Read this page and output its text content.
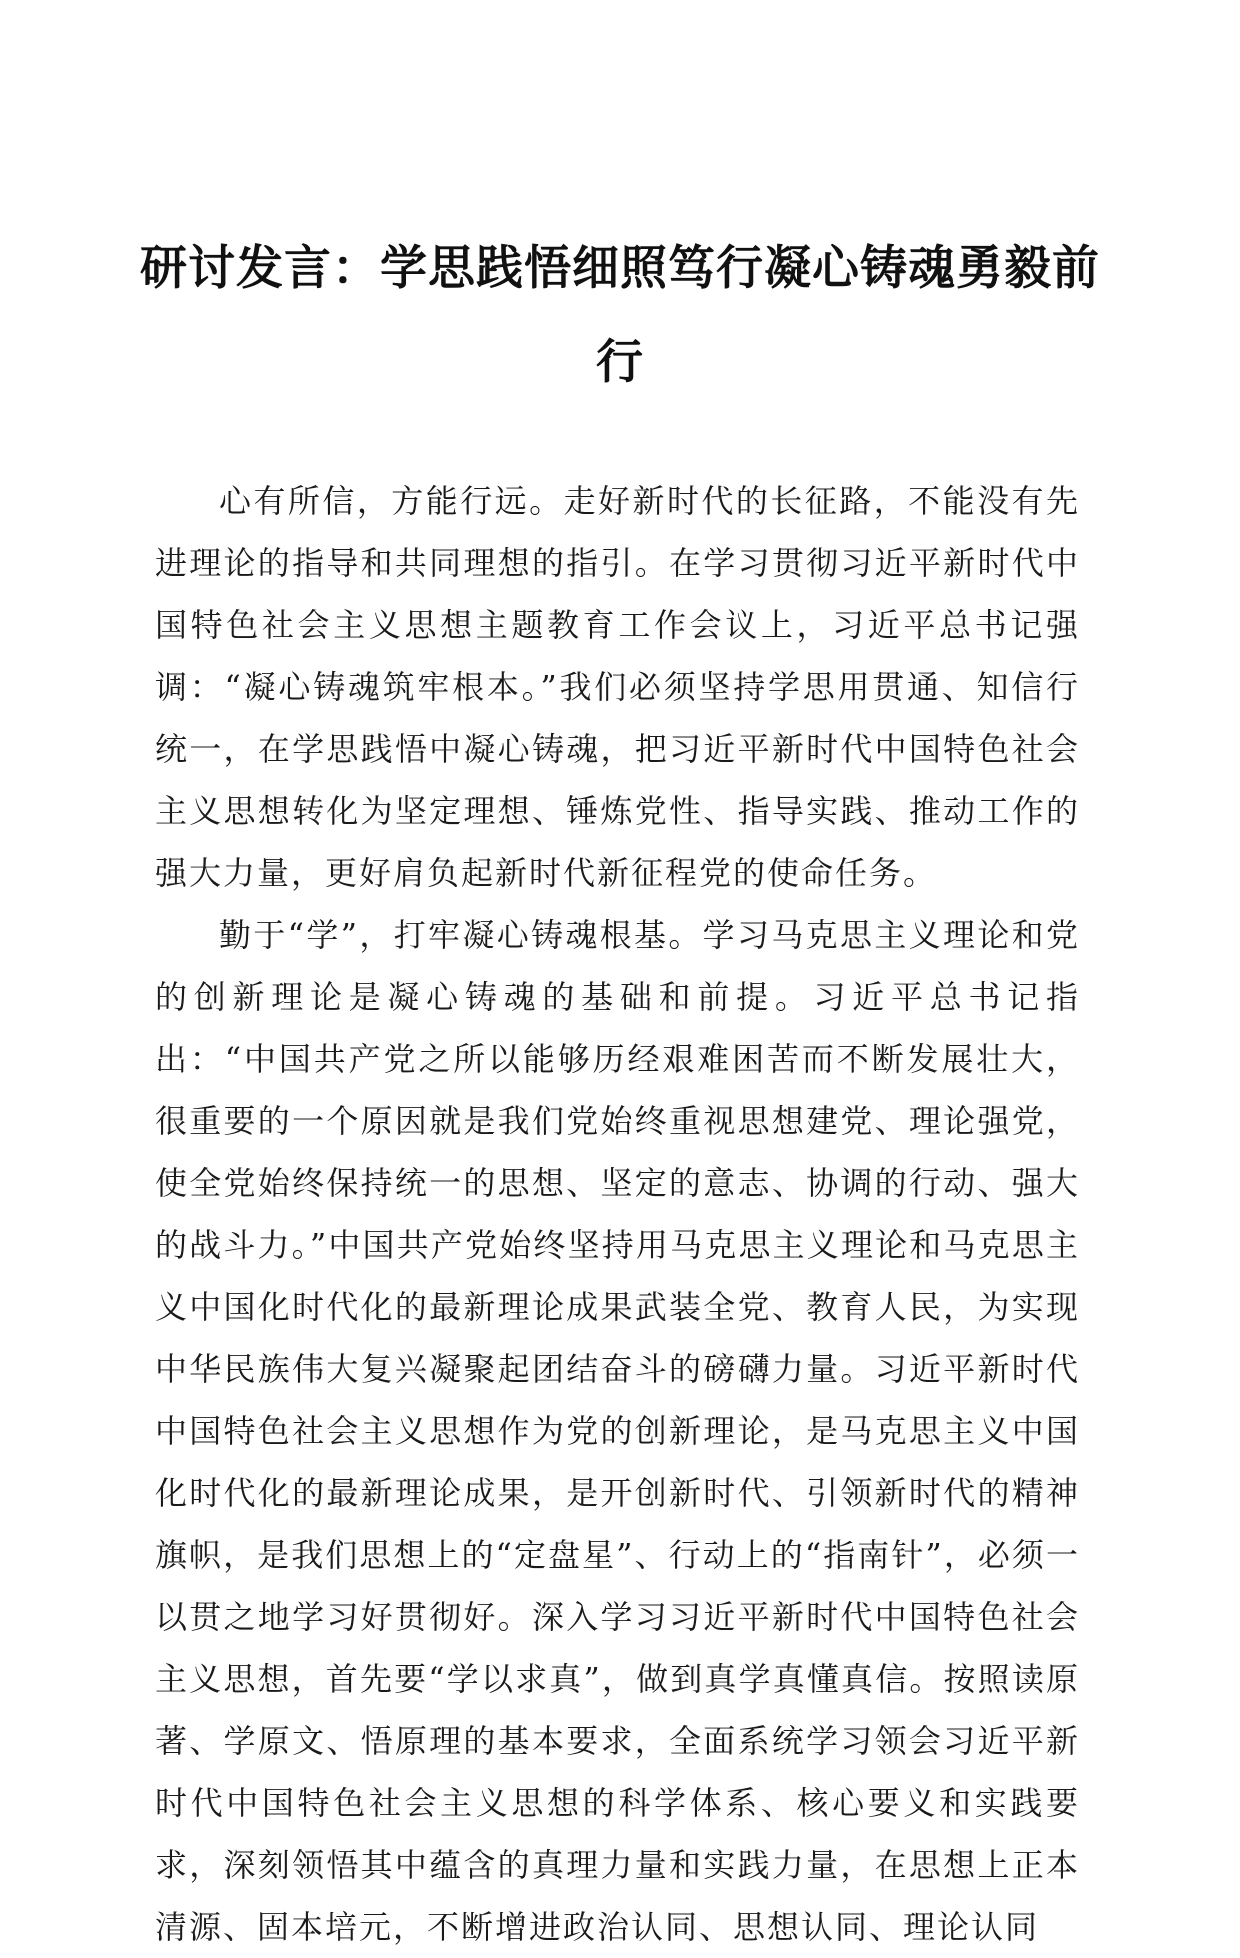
研讨发言：学思践悟细照笃行凝心铸魂勇毅前行

心有所信，方能行远。走好新时代的长征路，不能没有先进理论的指导和共同理想的指引。在学习贯彻习近平新时代中国特色社会主义思想主题教育工作会议上，习近平总书记强调：“凝心铸魂筑牢根本。”我们必须坚持学思用贯通、知信行统一，在学思践悟中凝心铸魂，把习近平新时代中国特色社会主义思想转化为坚定理想、锤炼党性、指导实践、推动工作的强大力量，更好肩负起新时代新征程党的使命任务。

勤于“学”，打牢凝心铸魂根基。学习马克思主义理论和党的创新理论是凝心铸魂的基础和前提。习近平总书记指出：“中国共产党之所以能够历经艰难困苦而不断发展壮大，很重要的一个原因就是我们党始终重视思想建党、理论强党，使全党始终保持统一的思想、坚定的意志、协调的行动、强大的战斗力。”中国共产党始终坚持用马克思主义理论和马克思主义中国化时代化的最新理论成果武装全党、教育人民，为实现中华民族伟大复兴凝聚起团结奋斗的磅礴力量。习近平新时代中国特色社会主义思想作为党的创新理论，是马克思主义中国化时代化的最新理论成果，是开创新时代、引领新时代的精神旗帜，是我们思想上的“定盘星”、行动上的“指南针”，必须一以贯之地学习好贯彻好。深入学习习近平新时代中国特色社会主义思想，首先要“学以求真”，做到真学真懂真信。按照读原著、学原文、悟原理的基本要求，全面系统学习领会习近平新时代中国特色社会主义思想的科学体系、核心要义和实践要求，深刻领悟其中蕴含的真理力量和实践力量，在思想上正本清源、固本培元，不断增进政治认同、思想认同、理论认同
